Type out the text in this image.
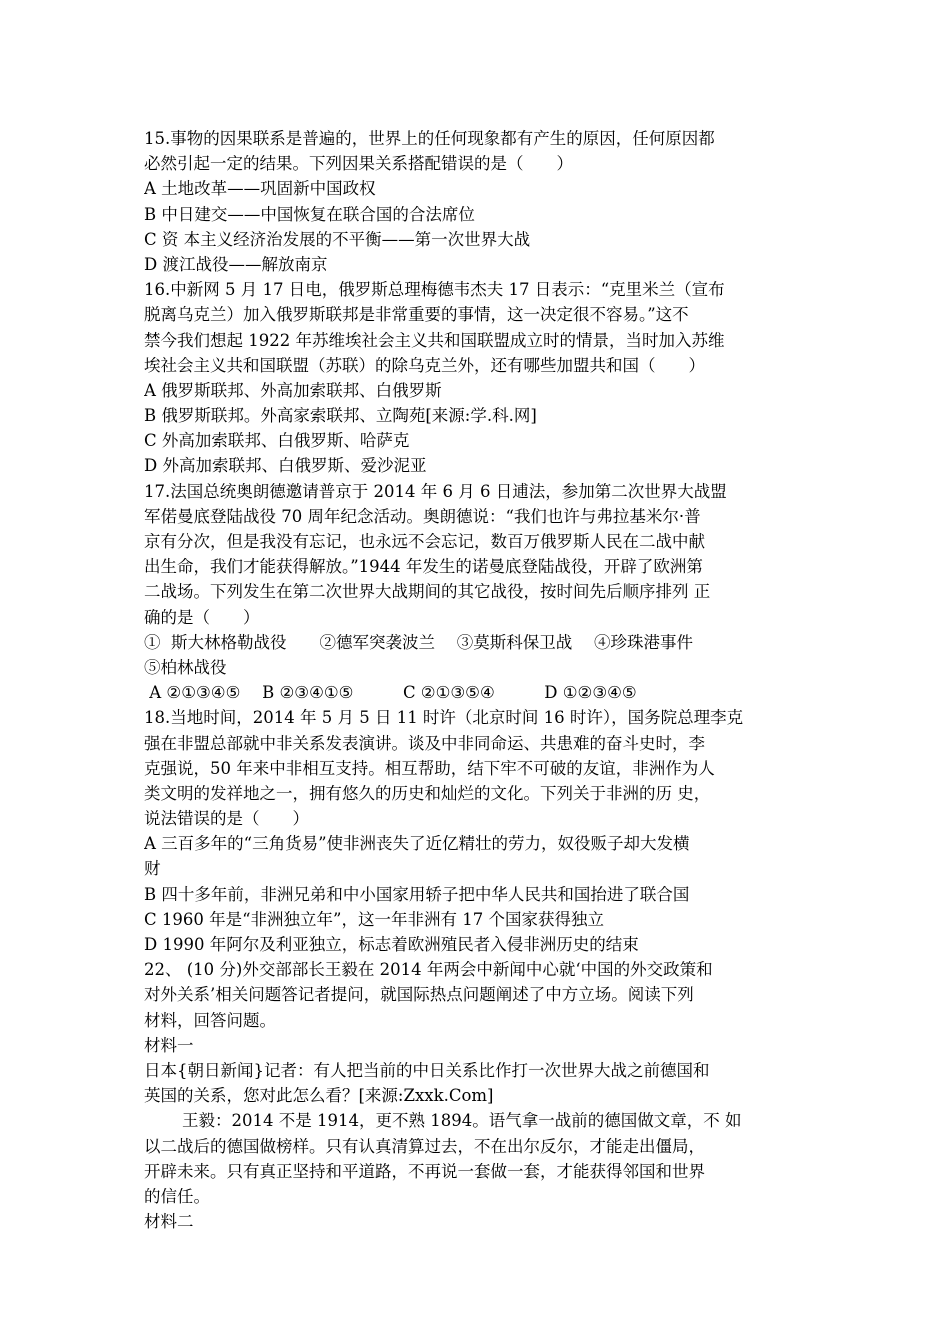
15.事物的因果联系是普遍的，世界上的任何现象都有产生的原因，任何原因都
必然引起一定的结果。下列因果关系搭配错误的是（　　）
A 土地改革——巩固新中国政权
B 中日建交——中国恢复在联合国的合法席位
C 资 本主义经济治发展的不平衡——第一次世界大战
D 渡江战役——解放南京
16.中新网 5 月 17 日电，俄罗斯总理梅德韦杰夫 17 日表示：“克里米兰（宣布
脱离乌克兰）加入俄罗斯联邦是非常重要的事情，这一决定很不容易。”这不
禁今我们想起 1922 年苏维埃社会主义共和国联盟成立时的情景，当时加入苏维
埃社会主义共和国联盟（苏联）的除乌克兰外，还有哪些加盟共和国（　　）
A 俄罗斯联邦、外高加索联邦、白俄罗斯
B 俄罗斯联邦。外高家索联邦、立陶苑[来源:学.科.网]
C 外高加索联邦、白俄罗斯、哈萨克
D 外高加索联邦、白俄罗斯、爱沙泥亚
17.法国总统奥朗德邀请普京于 2014 年 6 月 6 日逋法，参加第二次世界大战盟
军偌曼底登陆战役 70 周年纪念活动。奥朗德说：“我们也许与弗拉基米尔·普
京有分次，但是我没有忘记，也永远不会忘记，数百万俄罗斯人民在二战中献
出生命，我们才能获得解放。”1944 年发生的诺曼底登陆战役，开辟了欧洲第
二战场。下列发生在第二次世界大战期间的其它战役，按时间先后顺序排列 正
确的是（　　）
①  斯大林格勒战役　　②德军突袭波兰　 ③莫斯科保卫战　 ④珍珠港事件
⑤柏林战役
A ②①③④⑤　 B ②③④①⑤　　　C ②①③⑤④　　　D ①②③④⑤
18.当地时间，2014 年 5 月 5 日 11 时许（北京时间 16 时许），国务院总理李克
强在非盟总部就中非关系发表演讲。谈及中非同命运、共患难的奋斗史时，李
克强说，50 年来中非相互支持。相互帮助，结下牢不可破的友谊，非洲作为人
类文明的发祥地之一，拥有悠久的历史和灿烂的文化。下列关于非洲的历 史，
说法错误的是（　　）
A 三百多年的“三角货易”使非洲丧失了近亿精壮的劳力，奴役贩子却大发横
财
B 四十多年前，非洲兄弟和中小国家用轿子把中华人民共和国抬进了联合国
C 1960 年是“非洲独立年”，这一年非洲有 17 个国家获得独立
D 1990 年阿尔及利亚独立，标志着欧洲殖民者入侵非洲历史的结束
22、 (10 分)外交部部长王毅在 2014 年两会中新闻中心就‘中国的外交政策和
对外关系’相关问题答记者提问，就国际热点问题阐述了中方立场。阅读下列
材料，回答问题。
材料一
日本{朝日新闻}记者：有人把当前的中日关系比作打一次世界大战之前德国和
英国的关系，您对此怎么看？[来源:Zxxk.Com]
王毅：2014 不是 1914，更不熟 1894。语气拿一战前的德国做文章，不 如
以二战后的德国做榜样。只有认真清算过去，不在出尔反尔，才能走出僵局，
开辟未来。只有真正坚持和平道路，不再说一套做一套，才能获得邻国和世界
的信任。
材料二
